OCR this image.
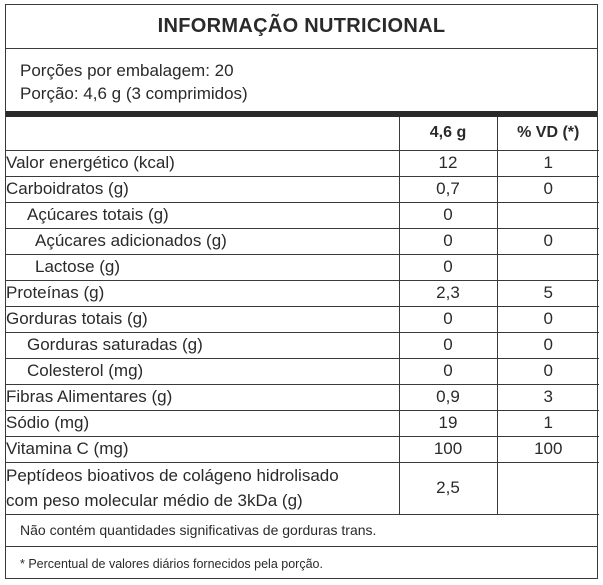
INFORMAÇÃO NUTRICIONAL
Porções por embalagem: 20
Porção: 4,6 g (3 comprimidos)
	4,6 g	% VD (*)
Valor energético (kcal)	12	1
Carboidratos (g)	0,7	0
Açúcares totais (g)	0	
Açúcares adicionados (g)	0	0
Lactose (g)	0	
Proteínas (g)	2,3	5
Gorduras totais (g)	0	0
Gorduras saturadas (g)	0	0
Colesterol (mg)	0	0
Fibras Alimentares (g)	0,9	3
Sódio (mg)	19	1
Vitamina C (mg)	100	100

Peptídeos bioativos de colágeno hidrolisado
com peso molecular médio de 3kDa (g)	2,5	
Não contém quantidades significativas de gorduras trans.
* Percentual de valores diários fornecidos pela porção.
